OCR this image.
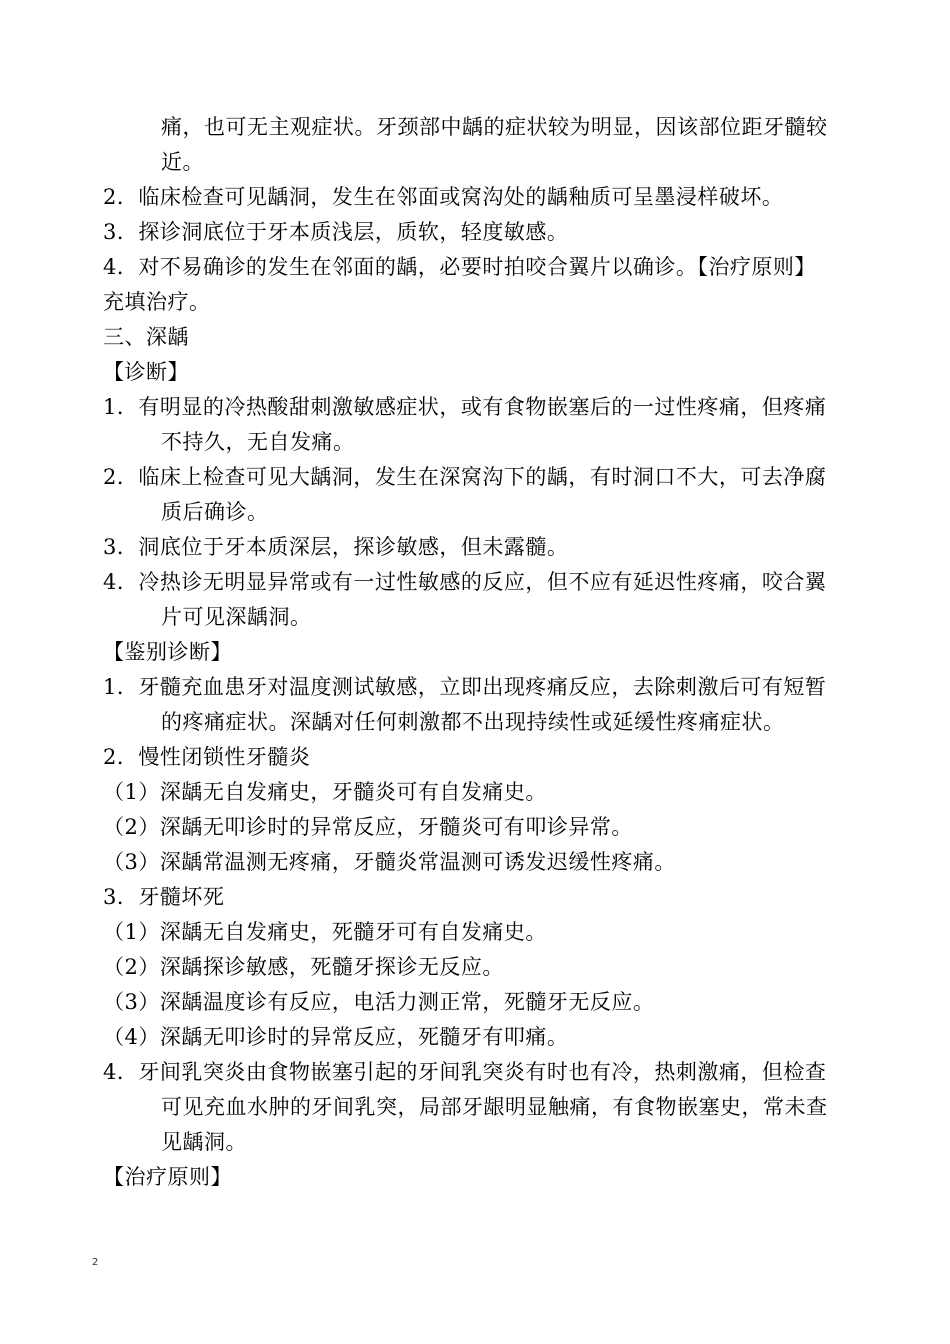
痛，也可无主观症状。牙颈部中龋的症状较为明显，因该部位距牙髓较
近。
2．临床检查可见龋洞，发生在邻面或窝沟处的龋釉质可呈墨浸样破坏。
3．探诊洞底位于牙本质浅层，质软，轻度敏感。
4．对不易确诊的发生在邻面的龋，必要时拍咬合翼片以确诊。【治疗原则】
充填治疗。
三、深龋
【诊断】
1．有明显的冷热酸甜刺激敏感症状，或有食物嵌塞后的一过性疼痛，但疼痛
不持久，无自发痛。
2．临床上检查可见大龋洞，发生在深窝沟下的龋，有时洞口不大，可去净腐
质后确诊。
3．洞底位于牙本质深层，探诊敏感，但未露髓。
4．冷热诊无明显异常或有一过性敏感的反应，但不应有延迟性疼痛，咬合翼
片可见深龋洞。
【鉴别诊断】
1．牙髓充血患牙对温度测试敏感，立即出现疼痛反应，去除刺激后可有短暂
的疼痛症状。深龋对任何刺激都不出现持续性或延缓性疼痛症状。
2．慢性闭锁性牙髓炎
（1）深龋无自发痛史，牙髓炎可有自发痛史。
（2）深龋无叩诊时的异常反应，牙髓炎可有叩诊异常。
（3）深龋常温测无疼痛，牙髓炎常温测可诱发迟缓性疼痛。
3．牙髓坏死
（1）深龋无自发痛史，死髓牙可有自发痛史。
（2）深龋探诊敏感，死髓牙探诊无反应。
（3）深龋温度诊有反应，电活力测正常，死髓牙无反应。
（4）深龋无叩诊时的异常反应，死髓牙有叩痛。
4．牙间乳突炎由食物嵌塞引起的牙间乳突炎有时也有冷，热刺激痛，但检查
可见充血水肿的牙间乳突，局部牙龈明显触痛，有食物嵌塞史，常未查
见龋洞。
【治疗原则】
2
